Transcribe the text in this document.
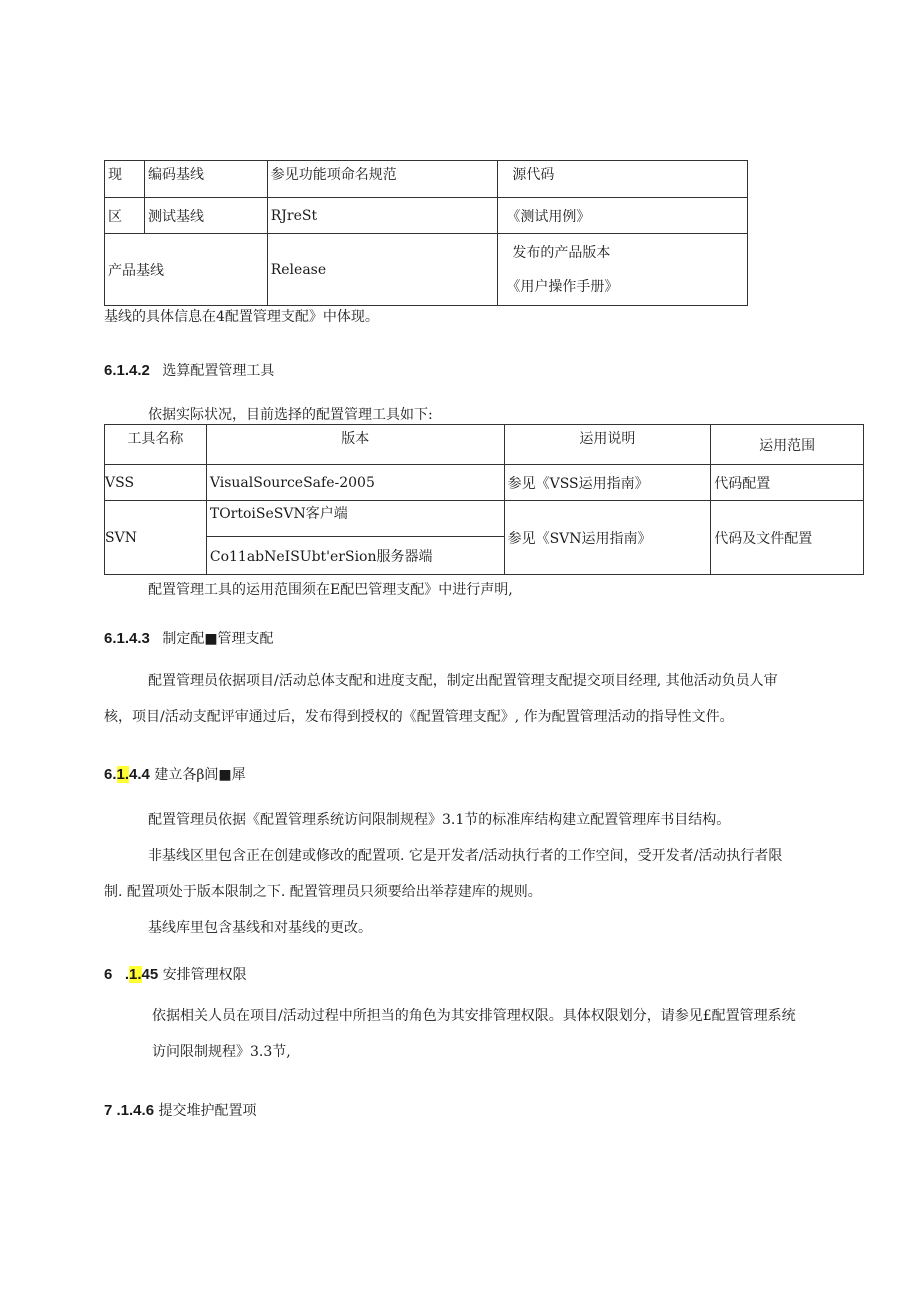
现	编码基线	参见功能项命名规范	源代码
区	测试基线	RJreSt	《测试用例》
产品基线		Release	发布的产品版本
《用户操作手册》
基线的具体信息在4配置管理支配》中体现。
6.1.4.2 选算配置管理工具
依据实际状况，目前选择的配置管理工具如下:
工具名称	版本	运用说明	运用范围
VSS	VisualSourceSafe-2005	参见《VSS运用指南》	代码配置
SVN	TOrtoiSeSVN客户端	参见《SVN运用指南》	代码及文件配置
	Co11abNeISUbt'erSion服务器端		
配置管理工具的运用范围须在E配巴管理支配》中进行声明,
6.1.4.3 制定配■管理支配

配置管理员依据项目/活动总体支配和进度支配，制定出配置管理支配提交项目经理, 其他活动负员人审

核，项目/活动支配评审通过后，发布得到授权的《配置管理支配》, 作为配置管理活动的指导性文件。

6.1.4.4 建立各β闾■犀

配置管理员依据《配置管理系统访问限制规程》3.1节的标准库结构建立配置管理库书目结构。

非基线区里包含正在创建或修改的配置项. 它是开发者/活动执行者的工作空间，受开发者/活动执行者限

制. 配置项处于版本限制之下. 配置管理员只须要给出举荐建库的规则。

基线库里包含基线和对基线的更改。

6 .1.45 安排管理权限

依据相关人员在项目/活动过程中所担当的角色为其安排管理权限。具体权限划分，请参见£配置管理系统

访问限制规程》3.3节,

7 .1.4.6 提交堆护配置项
